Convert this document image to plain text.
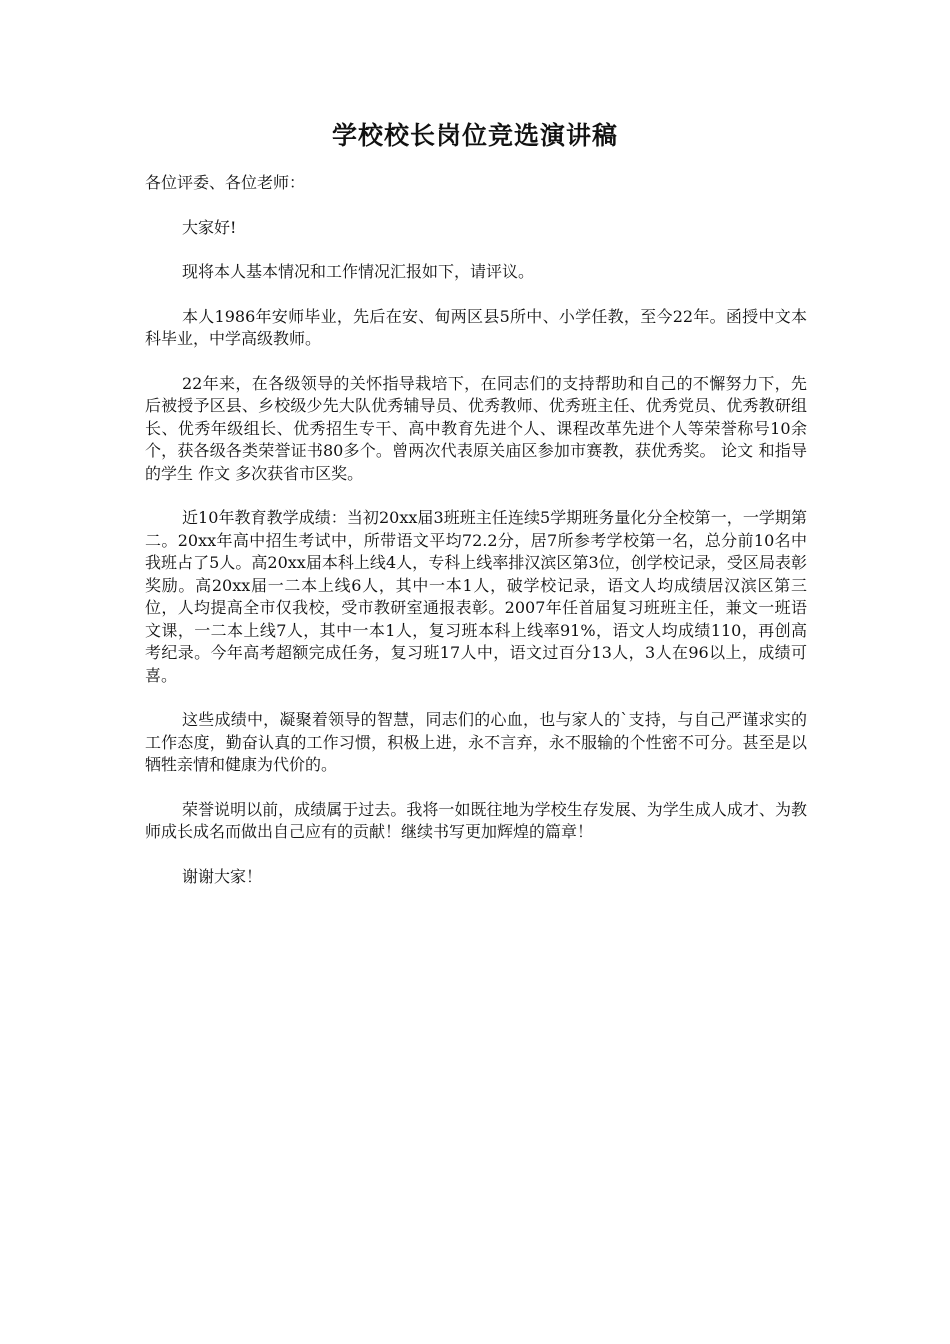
学校校长岗位竞选演讲稿

各位评委、各位老师：

大家好!

现将本人基本情况和工作情况汇报如下，请评议。

本人1986年安师毕业，先后在安、甸两区县5所中、小学任教，至今22年。函授中文本科毕业，中学高级教师。

22年来，在各级领导的关怀指导栽培下，在同志们的支持帮助和自己的不懈努力下，先后被授予区县、乡校级少先大队优秀辅导员、优秀教师、优秀班主任、优秀党员、优秀教研组长、优秀年级组长、优秀招生专干、高中教育先进个人、课程改革先进个人等荣誉称号10余个，获各级各类荣誉证书80多个。曾两次代表原关庙区参加市赛教，获优秀奖。 论文 和指导的学生 作文 多次获省市区奖。

近10年教育教学成绩：当初20xx届3班班主任连续5学期班务量化分全校第一，一学期第二。20xx年高中招生考试中，所带语文平均72.2分，居7所参考学校第一名，总分前10名中我班占了5人。高20xx届本科上线4人，专科上线率排汉滨区第3位，创学校记录，受区局表彰奖励。高20xx届一二本上线6人，其中一本1人，破学校记录，语文人均成绩居汉滨区第三位，人均提高全市仅我校，受市教研室通报表彰。2007年任首届复习班班主任，兼文一班语文课，一二本上线7人，其中一本1人，复习班本科上线率91%，语文人均成绩110，再创高考纪录。今年高考超额完成任务，复习班17人中，语文过百分13人，3人在96以上，成绩可喜。

这些成绩中，凝聚着领导的智慧，同志们的心血，也与家人的`支持，与自己严谨求实的工作态度，勤奋认真的工作习惯，积极上进，永不言弃，永不服输的个性密不可分。甚至是以牺牲亲情和健康为代价的。

荣誉说明以前，成绩属于过去。我将一如既往地为学校生存发展、为学生成人成才、为教师成长成名而做出自己应有的贡献！继续书写更加辉煌的篇章！

谢谢大家！
